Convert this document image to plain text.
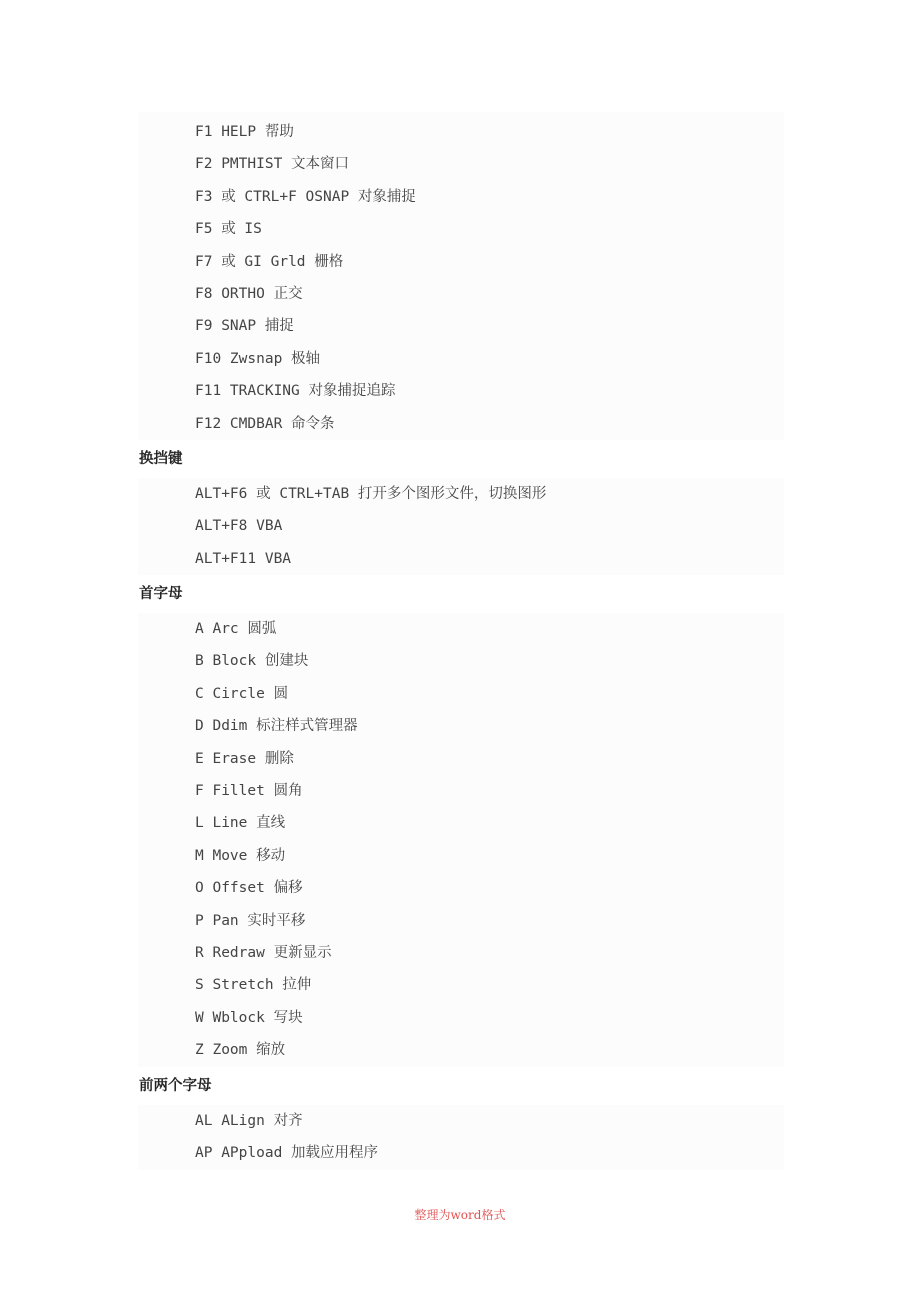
F1 HELP 帮助
F2 PMTHIST 文本窗口
F3 或 CTRL+F OSNAP 对象捕捉
F5 或 IS
F7 或 GI Grld 栅格
F8 ORTHO 正交
F9 SNAP 捕捉
F10 Zwsnap 极轴
F11 TRACKING 对象捕捉追踪
F12 CMDBAR 命令条
换挡键
ALT+F6 或 CTRL+TAB 打开多个图形文件，切换图形
ALT+F8 VBA
ALT+F11 VBA
首字母
A Arc 圆弧
B Block 创建块
C Circle 圆
D Ddim 标注样式管理器
E Erase 删除
F Fillet 圆角
L Line 直线
M Move 移动
O Offset 偏移
P Pan 实时平移
R Redraw 更新显示
S Stretch 拉伸
W Wblock 写块
Z Zoom 缩放
前两个字母
AL ALign 对齐
AP APpload 加载应用程序
整理为word格式
